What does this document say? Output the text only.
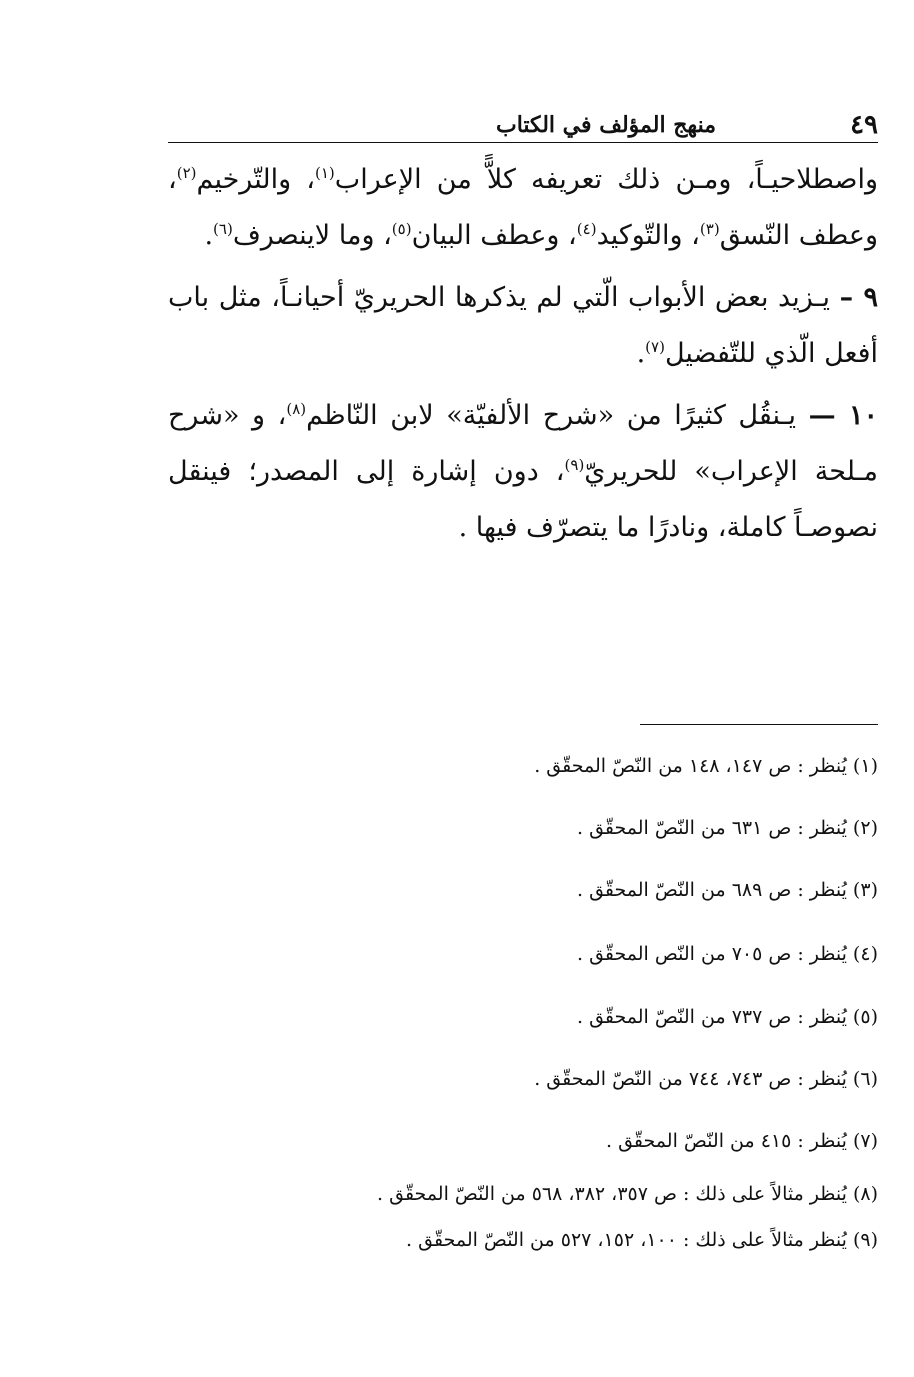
٤٩
منهج المؤلف في الكتاب

واصطلاحيـاً، ومـن ذلك تعريفه كلاًّ من الإعراب$^{(١)}$، والتّرخيم$^{(٢)}$، وعطف النّسق$^{(٣)}$، والتّوكيد$^{(٤)}$، وعطف البيان$^{(٥)}$، وما لاينصرف$^{(٦)}$.

٩ – يـزيد بعض الأبواب الّتي لم يذكرها الحريريّ أحيانـاً، مثل باب أفعل الّذي للتّفضيل$^{(٧)}$.

١٠ — يـنقُل كثيرًا من «شرح الألفيّة» لابن النّاظم$^{(٨)}$، و «شرح مـلحة الإعراب» للحريريّ$^{(٩)}$، دون إشارة إلى المصدر؛ فينقل نصوصـاً كاملة، ونادرًا ما يتصرّف فيها .

(١) يُنظر : ص ١٤٧، ١٤٨ من النّصّ المحقّق .
(٢) يُنظر : ص ٦٣١ من النّصّ المحقّق .
(٣) يُنظر : ص ٦٨٩ من النّصّ المحقّق .
(٤) يُنظر : ص ٧٠٥ من النّص المحقّق .
(٥) يُنظر : ص ٧٣٧ من النّصّ المحقّق .
(٦) يُنظر : ص ٧٤٣، ٧٤٤ من النّصّ المحقّق .
(٧) يُنظر : ٤١٥ من النّصّ المحقّق .
(٨) يُنظر مثالاً على ذلك : ص ٣٥٧، ٣٨٢، ٥٦٨ من النّصّ المحقّق .
(٩) يُنظر مثالاً على ذلك : ١٠٠، ١٥٢، ٥٢٧ من النّصّ المحقّق .
